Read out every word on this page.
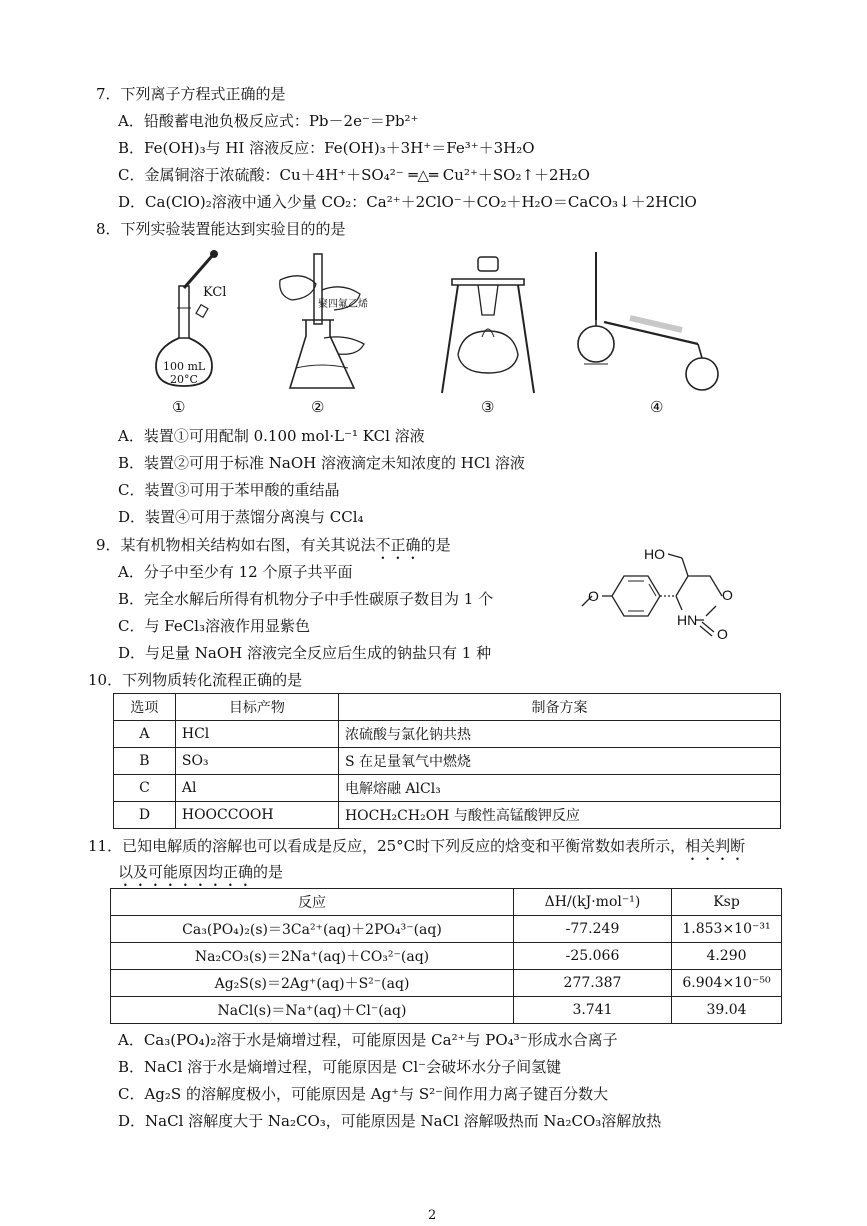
7．下列离子方程式正确的是
A．铅酸蓄电池负极反应式：Pb－2e⁻＝Pb²⁺
B．Fe(OH)₃与 HI 溶液反应：Fe(OH)₃＋3H⁺＝Fe³⁺＋3H₂O
C．金属铜溶于浓硫酸：Cu＋4H⁺＋SO₄²⁻ ═△═ Cu²⁺＋SO₂↑＋2H₂O
D．Ca(ClO)₂溶液中通入少量 CO₂：Ca²⁺＋2ClO⁻＋CO₂＋H₂O＝CaCO₃↓＋2HClO
8．下列实验装置能达到实验目的的是
KCl
100 mL
20°C
聚四氟乙烯
①	②	③	④
A．装置①可用配制 0.100 mol·L⁻¹ KCl 溶液
B．装置②可用于标准 NaOH 溶液滴定未知浓度的 HCl 溶液
C．装置③可用于苯甲酸的重结晶
D．装置④可用于蒸馏分离溴与 CCl₄
9．某有机物相关结构如右图，有关其说法不正确的是
A．分子中至少有 12 个原子共平面
B．完全水解后所得有机物分子中手性碳原子数目为 1 个
C．与 FeCl₃溶液作用显紫色
D．与足量 NaOH 溶液完全反应后生成的钠盐只有 1 种
HO
O	O
HN
O
10．下列物质转化流程正确的是
选项	目标产物	制备方案
A	HCl	浓硫酸与氯化钠共热
B	SO₃	S 在足量氧气中燃烧
C	Al	电解熔融 AlCl₃
D	HOOCCOOH	HOCH₂CH₂OH 与酸性高锰酸钾反应
11．已知电解质的溶解也可以看成是反应，25°C时下列反应的焓变和平衡常数如表所示，相关判断
以及可能原因均正确的是
反应	ΔH/(kJ·mol⁻¹)	Ksp
Ca₃(PO₄)₂(s)＝3Ca²⁺(aq)＋2PO₄³⁻(aq)	-77.249	1.853×10⁻³¹
Na₂CO₃(s)＝2Na⁺(aq)＋CO₃²⁻(aq)	-25.066	4.290
Ag₂S(s)＝2Ag⁺(aq)＋S²⁻(aq)	277.387	6.904×10⁻⁵⁰
NaCl(s)＝Na⁺(aq)＋Cl⁻(aq)	3.741	39.04
A．Ca₃(PO₄)₂溶于水是熵增过程，可能原因是 Ca²⁺与 PO₄³⁻形成水合离子
B．NaCl 溶于水是熵增过程，可能原因是 Cl⁻会破坏水分子间氢键
C．Ag₂S 的溶解度极小，可能原因是 Ag⁺与 S²⁻间作用力离子键百分数大
D．NaCl 溶解度大于 Na₂CO₃，可能原因是 NaCl 溶解吸热而 Na₂CO₃溶解放热
2
